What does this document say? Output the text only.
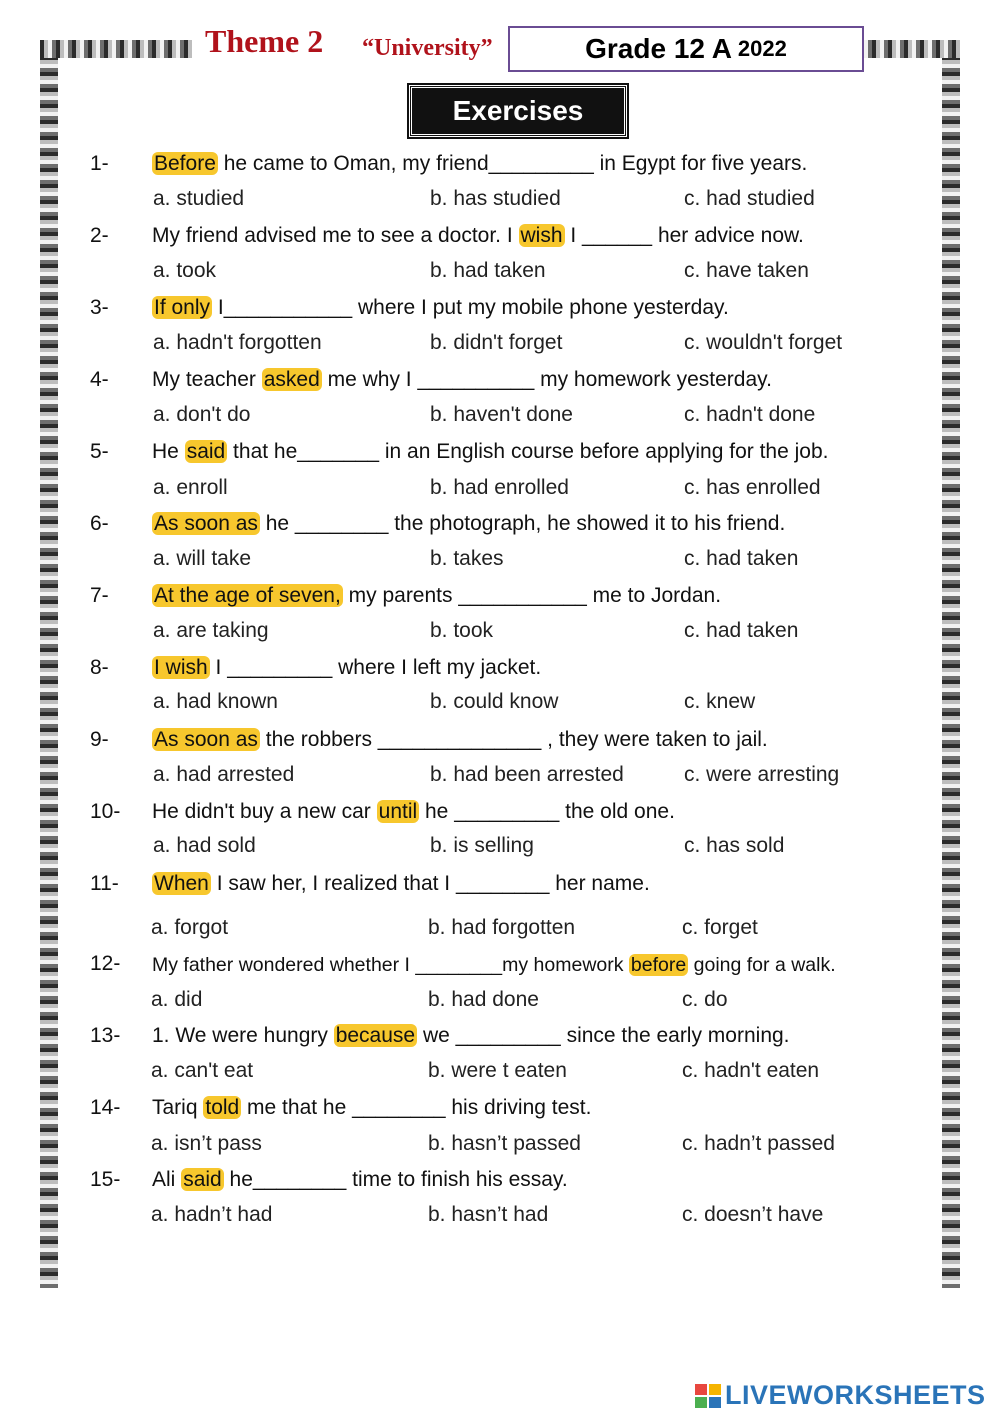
Theme 2 “University”	Grade 12 A 2022
Exercises
1-	Before he came to Oman, my friend_________ in Egypt for five years.
a. studied	b. has studied	c. had studied
2-	My friend advised me to see a doctor. I wish I ______ her advice now.
a. took	b. had taken	c. have taken
3-	If only I___________ where I put my mobile phone yesterday.
a. hadn't forgotten	b. didn't forget	c. wouldn't forget
4-	My teacher asked me why I __________ my homework yesterday.
a. don't do	b. haven't done	c. hadn't done
5-	He said that he_______ in an English course before applying for the job.
a. enroll	b. had enrolled	c. has enrolled
6-	As soon as he ________ the photograph, he showed it to his friend.
a. will take	b. takes	c. had taken
7-	At the age of seven, my parents ___________ me to Jordan.
a. are taking	b. took	c. had taken
8-	I wish I _________ where I left my jacket.
a. had known	b. could know	c. knew
9-	As soon as the robbers ______________ , they were taken to jail.
a. had arrested	b. had been arrested	c. were arresting
10-	He didn't buy a new car until he _________ the old one.
a. had sold	b. is selling	c. has sold
11-	When I saw her, I realized that I ________ her name.
a. forgot	b. had forgotten	c. forget
12-	My father wondered whether I ________my homework before going for a walk.
a. did	b. had done	c. do
13-	1. We were hungry because we _________ since the early morning.
a. can't eat	b. were t eaten	c. hadn't eaten
14-	Tariq told me that he ________ his driving test.
a. isn’t pass	b. hasn’t passed	c. hadn’t passed
15-	Ali said he________ time to finish his essay.
a. hadn’t had	b. hasn’t had	c. doesn’t have
LIVEWORKSHEETS
